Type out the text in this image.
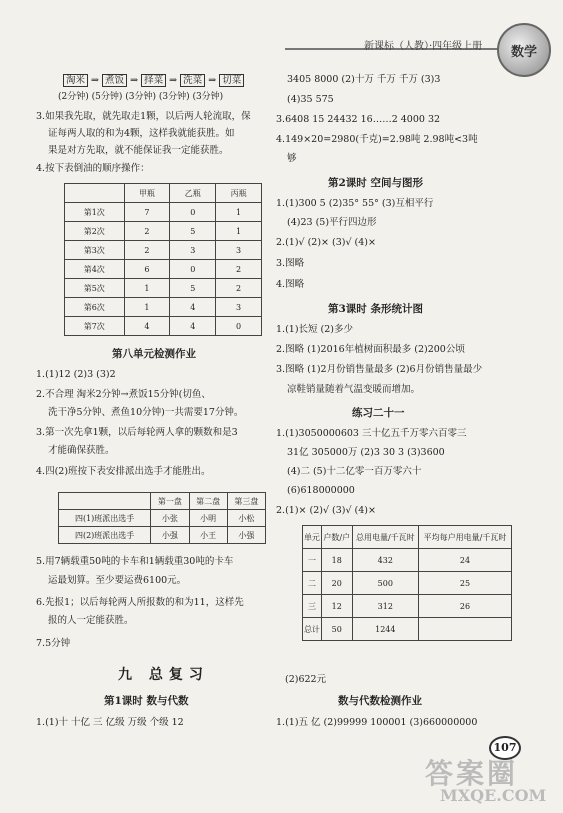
新课标（人教）·四年级上册	数学
淘米 ⇒ 煮饭 ⇒ 择菜 ⇒ 洗菜 ⇒ 切菜
(2分钟) (5分钟) (3分钟) (3分钟) (3分钟)
3.如果我先取，就先取走1颗，以后两人轮流取，保
证每两人取的和为4颗，这样我就能获胜。如
果是对方先取，就不能保证我一定能获胜。
4.按下表倒油的顺序操作：
	甲瓶	乙瓶	丙瓶
第1次	7	0	1
第2次	2	5	1
第3次	2	3	3
第4次	6	0	2
第5次	1	5	2
第6次	1	4	3
第7次	4	4	0
第八单元检测作业
1.(1)12 (2)3 (3)2
2.不合理 淘米2分钟→煮饭15分钟(切鱼、
洗干净5分钟、煮鱼10分钟)一共需要17分钟。
3.第一次先拿1颗，以后每轮两人拿的颗数和是3
才能确保获胜。
4.四(2)班按下表安排派出选手才能胜出。
	第一盘	第二盘	第三盘
四(1)班派出选手	小张	小明	小松
四(2)班派出选手	小强	小王	小强
5.用7辆载重50吨的卡车和1辆载重30吨的卡车
运最划算。至少要运费6100元。
6.先报1；以后每轮两人所报数的和为11，这样先
报的人一定能获胜。
7.5分钟
九 总复习
第1课时 数与代数
1.(1)十 十亿 三 亿级 万级 个级 12
3405 8000 (2)十万 千万 千万 (3)3
(4)35 575
3.6408 15 24432 16……2 4000 32
4.149×20=2980(千克)=2.98吨 2.98吨<3吨
够
第2课时 空间与图形
1.(1)300 5 (2)35° 55° (3)互相平行
(4)23 (5)平行四边形
2.(1)√ (2)× (3)√ (4)×
3.图略
4.图略
第3课时 条形统计图
1.(1)长短 (2)多少
2.图略 (1)2016年植树面积最多 (2)200公顷
3.图略 (1)2月份销售量最多 (2)6月份销售量最少
凉鞋销量随着气温变暖而增加。
练习二十一
1.(1)3050000603 三十亿五千万零六百零三
31亿 305000万 (2)3 30 3 (3)3600
(4)二 (5)十二亿零一百万零六十
(6)618000000
2.(1)× (2)√ (3)√ (4)×
单元	户数/户	总用电量/千瓦时	平均每户用电量/千瓦时
一	18	432	24
二	20	500	25
三	12	312	26
总计	50	1244	
(2)622元
数与代数检测作业
1.(1)五 亿 (2)99999 100001 (3)660000000
107
答案圈
MXQE.COM
